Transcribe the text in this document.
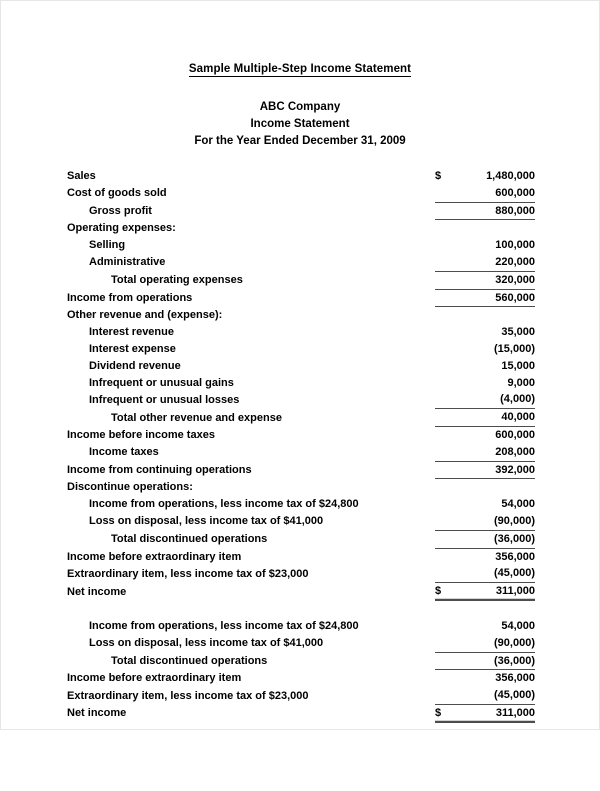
Sample Multiple-Step Income Statement
ABC Company
Income Statement
For the Year Ended December 31, 2009
Sales	$	1,480,000
Cost of goods sold		600,000
Gross profit		880,000
Operating expenses:		
Selling		100,000
Administrative		220,000
Total operating expenses		320,000
Income from operations		560,000
Other revenue and (expense):		
Interest revenue		35,000
Interest expense		(15,000)
Dividend revenue		15,000
Infrequent or unusual gains		9,000
Infrequent or unusual losses		(4,000)
Total other revenue and expense		40,000
Income before income taxes		600,000
Income taxes		208,000
Income from continuing operations		392,000
Discontinue operations:		
Income from operations, less income tax of $24,800		54,000
Loss on disposal, less income tax of $41,000		(90,000)
Total discontinued operations		(36,000)
Income before extraordinary item		356,000
Extraordinary item, less income tax of $23,000		(45,000)
Net income	$	311,000

Income from operations, less income tax of $24,800		54,000
Loss on disposal, less income tax of $41,000		(90,000)
Total discontinued operations		(36,000)
Income before extraordinary item		356,000
Extraordinary item, less income tax of $23,000		(45,000)
Net income	$	311,000
